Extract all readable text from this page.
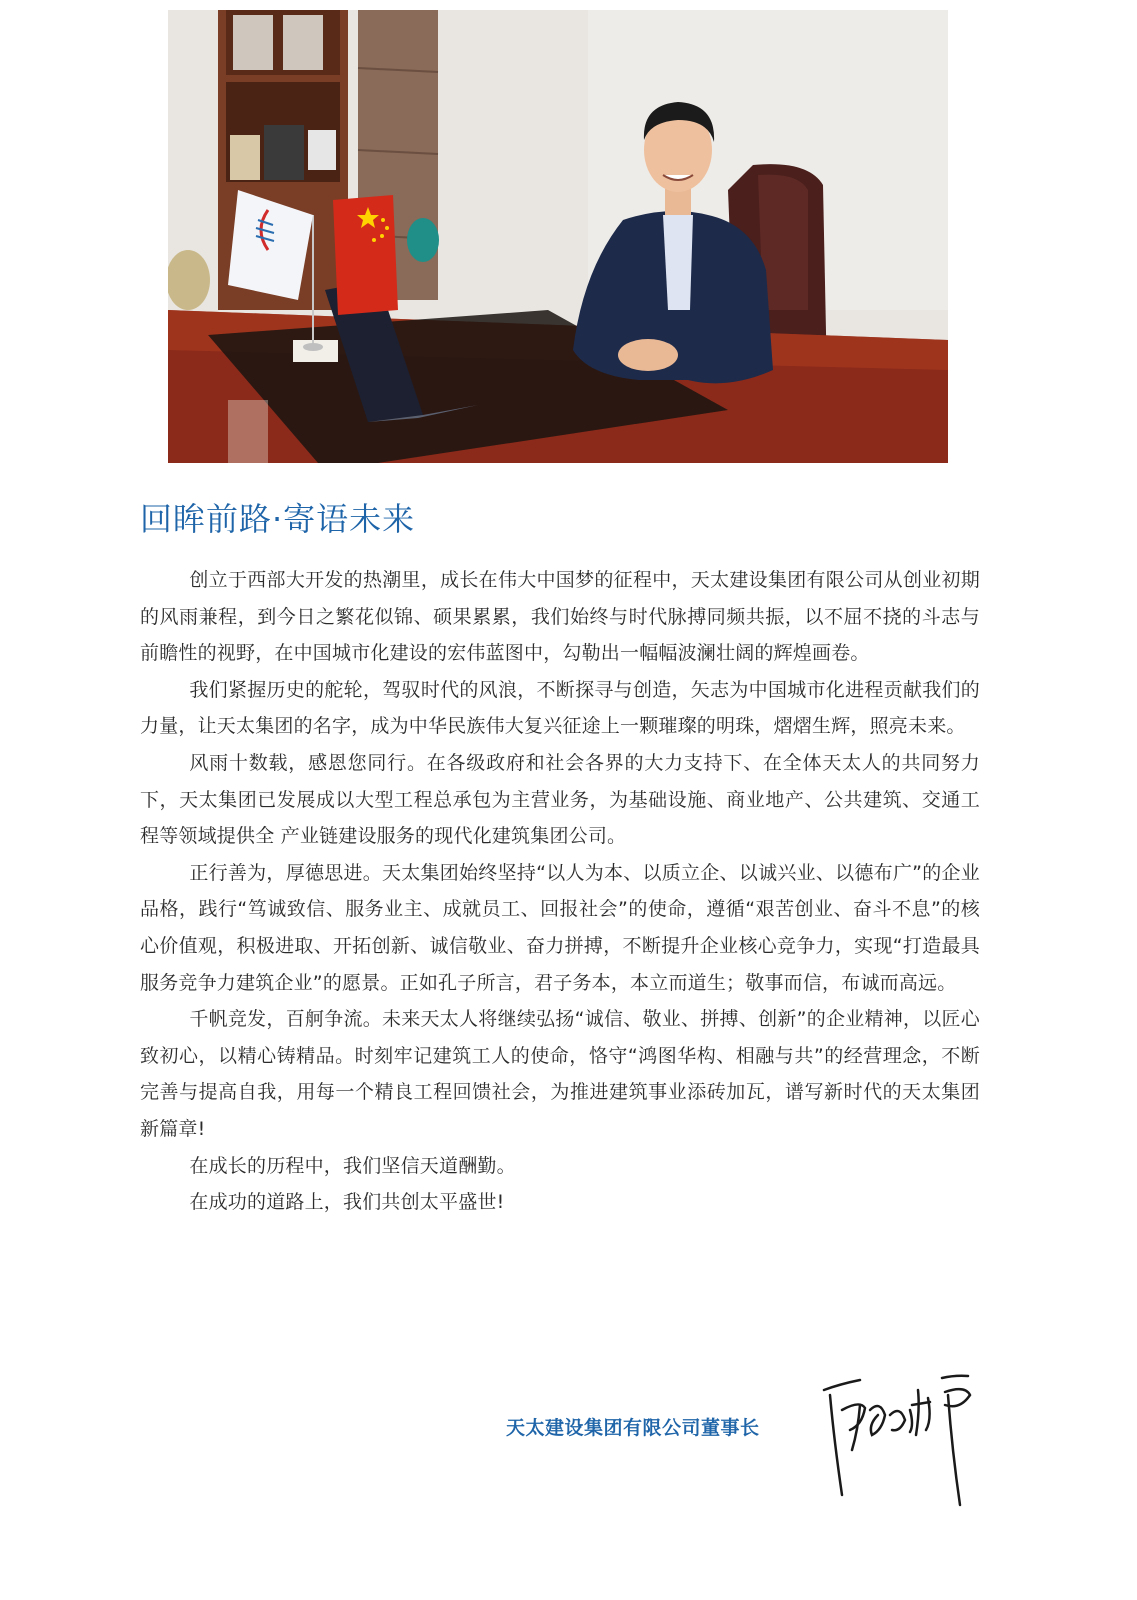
回眸前路·寄语未来

创立于西部大开发的热潮里，成长在伟大中国梦的征程中，天太建设集团有限公司从创业初期的风雨兼程，到今日之繁花似锦、硕果累累，我们始终与时代脉搏同频共振，以不屈不挠的斗志与前瞻性的视野，在中国城市化建设的宏伟蓝图中，勾勒出一幅幅波澜壮阔的辉煌画卷。

我们紧握历史的舵轮，驾驭时代的风浪，不断探寻与创造，矢志为中国城市化进程贡献我们的力量，让天太集团的名字，成为中华民族伟大复兴征途上一颗璀璨的明珠，熠熠生辉，照亮未来。

风雨十数载，感恩您同行。在各级政府和社会各界的大力支持下、在全体天太人的共同努力下，天太集团已发展成以大型工程总承包为主营业务，为基础设施、商业地产、公共建筑、交通工程等领域提供全 产业链建设服务的现代化建筑集团公司。

正行善为，厚德思进。天太集团始终坚持“以人为本、以质立企、以诚兴业、以德布广”的企业品格，践行“笃诚致信、服务业主、成就员工、回报社会”的使命，遵循“艰苦创业、奋斗不息”的核心价值观，积极进取、开拓创新、诚信敬业、奋力拼搏，不断提升企业核心竞争力，实现“打造最具服务竞争力建筑企业”的愿景。正如孔子所言，君子务本，本立而道生；敬事而信，布诚而高远。

千帆竞发，百舸争流。未来天太人将继续弘扬“诚信、敬业、拼搏、创新”的企业精神，以匠心致初心，以精心铸精品。时刻牢记建筑工人的使命，恪守“鸿图华构、相融与共”的经营理念，不断完善与提高自我，用每一个精良工程回馈社会，为推进建筑事业添砖加瓦，谱写新时代的天太集团新篇章!

在成长的历程中，我们坚信天道酬勤。

在成功的道路上，我们共创太平盛世!

天太建设集团有限公司董事长
